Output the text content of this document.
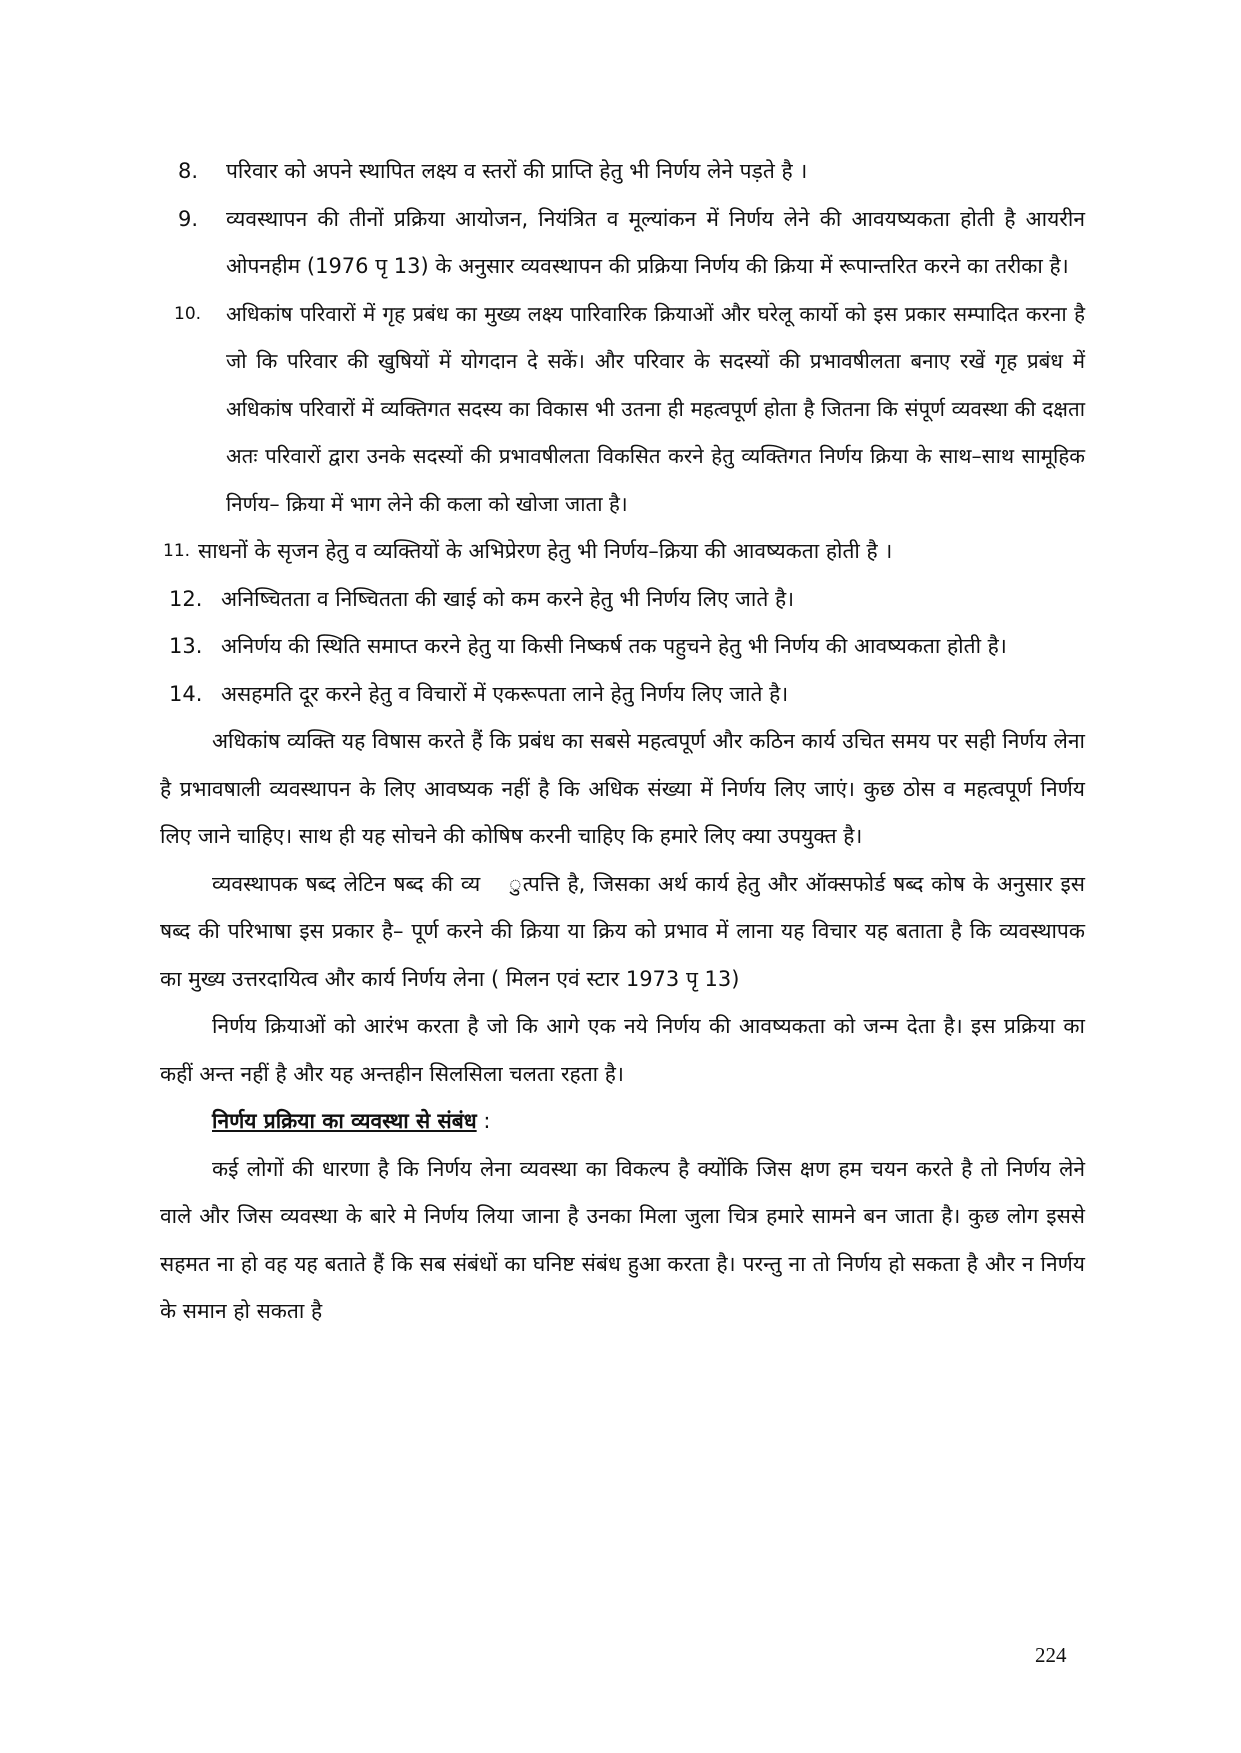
8.	परिवार को अपने स्थापित लक्ष्य व स्तरों की प्राप्ति हेतु भी निर्णय लेने पड़ते है ।
9.	व्यवस्थापन की तीनों प्रक्रिया आयोजन, नियंत्रित व मूल्यांकन में निर्णय लेने की आवयष्यकता होती है आयरीन ओपनहीम (1976 पृ 13) के अनुसार व्यवस्थापन की प्रक्रिया निर्णय की क्रिया में रूपान्तरित करने का तरीका है।
10.	अधिकांष परिवारों में गृह प्रबंध का मुख्य लक्ष्य पारिवारिक क्रियाओं और घरेलू कार्यो को इस प्रकार सम्पादित करना है जो कि परिवार की खुषियों में योगदान दे सकें। और परिवार के सदस्यों की प्रभावषीलता बनाए रखें गृह प्रबंध में अधिकांष परिवारों में व्यक्तिगत सदस्य का विकास भी उतना ही महत्वपूर्ण होता है जितना कि संपूर्ण व्यवस्था की दक्षता अतः परिवारों द्वारा उनके सदस्यों की प्रभावषीलता विकसित करने हेतु व्यक्तिगत निर्णय क्रिया के साथ–साथ सामूहिक निर्णय– क्रिया में भाग लेने की कला को खोजा जाता है।
11. साधनों के सृजन हेतु व व्यक्तियों के अभिप्रेरण हेतु भी निर्णय–क्रिया की आवष्यकता होती है ।
12. अनिष्चितता व निष्चितता की खाई को कम करने हेतु भी निर्णय लिए जाते है।
13. अनिर्णय की स्थिति समाप्त करने हेतु या किसी निष्कर्ष तक पहुचने हेतु भी निर्णय की आवष्यकता होती है।
14. असहमति दूर करने हेतु व विचारों में एकरूपता लाने हेतु निर्णय लिए जाते है।
अधिकांष व्यक्ति यह विषास करते हैं कि प्रबंध का सबसे महत्वपूर्ण और कठिन कार्य उचित समय पर सही निर्णय लेना है प्रभावषाली व्यवस्थापन के लिए आवष्यक नहीं है कि अधिक संख्या में निर्णय लिए जाएं। कुछ ठोस व महत्वपूर्ण निर्णय लिए जाने चाहिए। साथ ही यह सोचने की कोषिष करनी चाहिए कि हमारे लिए क्या उपयुक्त है।
व्यवस्थापक षब्द लेटिन षब्द की व्य    ुत्पत्ति है, जिसका अर्थ कार्य हेतु और ऑक्सफोर्ड षब्द कोष के अनुसार इस षब्द की परिभाषा इस प्रकार है– पूर्ण करने की क्रिया या क्रिय को प्रभाव में लाना यह विचार यह बताता है कि व्यवस्थापक का मुख्य उत्तरदायित्व और कार्य निर्णय लेना ( मिलन एवं स्टार 1973 पृ 13)
निर्णय क्रियाओं को आरंभ करता है जो कि आगे एक नये निर्णय की आवष्यकता को जन्म देता है। इस प्रक्रिया का कहीं अन्त नहीं है और यह अन्तहीन सिलसिला चलता रहता है।
निर्णय प्रक्रिया का व्यवस्था से संबंध :
कई लोगों की धारणा है कि निर्णय लेना व्यवस्था का विकल्प है क्योंकि जिस क्षण हम चयन करते है तो निर्णय लेने वाले और जिस व्यवस्था के बारे मे निर्णय लिया जाना है उनका मिला जुला चित्र हमारे सामने बन जाता है। कुछ लोग इससे सहमत ना हो वह यह बताते हैं कि सब संबंधों का घनिष्ट संबंध हुआ करता है। परन्तु ना तो निर्णय हो सकता है और न निर्णय के समान हो सकता है
224
